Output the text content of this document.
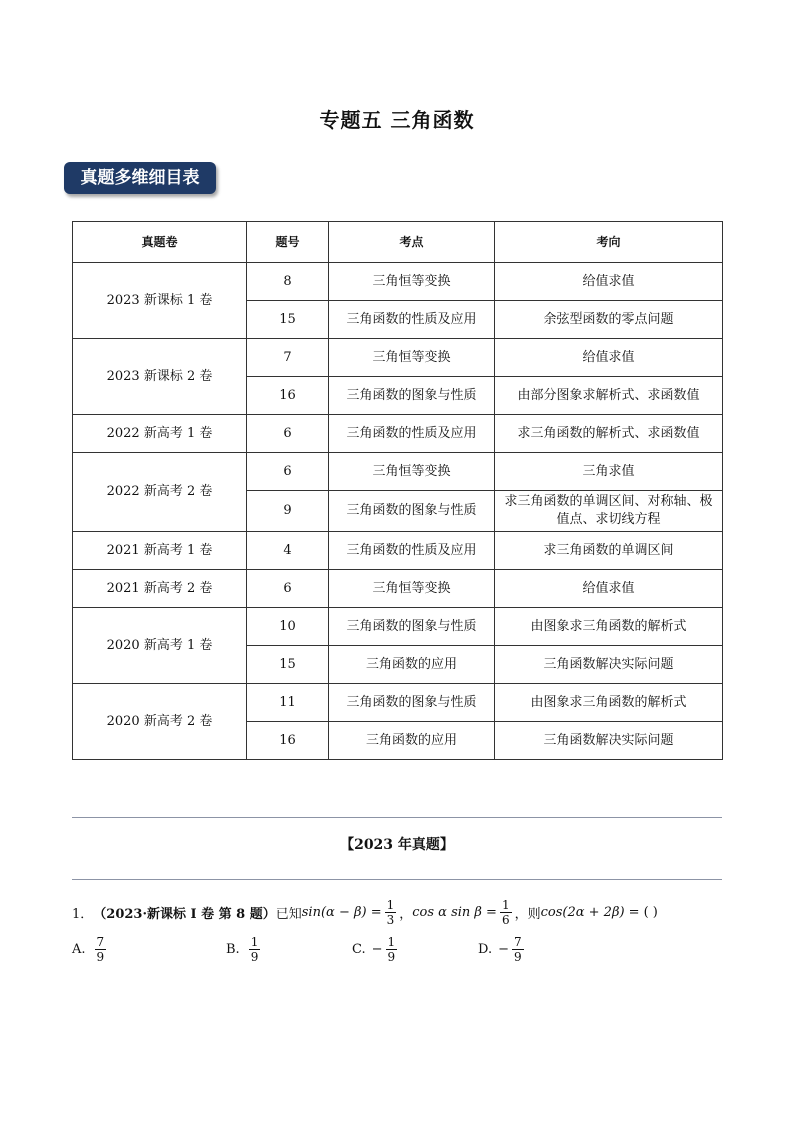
专题五 三角函数
真题多维细目表
真题卷	题号	考点	考向
2023 新课标 1 卷	8	三角恒等变换	给值求值
	15	三角函数的性质及应用	余弦型函数的零点问题
2023 新课标 2 卷	7	三角恒等变换	给值求值
	16	三角函数的图象与性质	由部分图象求解析式、求函数值
2022 新高考 1 卷	6	三角函数的性质及应用	求三角函数的解析式、求函数值
2022 新高考 2 卷	6	三角恒等变换	三角求值
	9	三角函数的图象与性质	求三角函数的单调区间、对称轴、极值点、求切线方程
2021 新高考 1 卷	4	三角函数的性质及应用	求三角函数的单调区间
2021 新高考 2 卷	6	三角恒等变换	给值求值
2020 新高考 1 卷	10	三角函数的图象与性质	由图象求三角函数的解析式
	15	三角函数的应用	三角函数解决实际问题
2020 新高考 2 卷	11	三角函数的图象与性质	由图象求三角函数的解析式
	16	三角函数的应用	三角函数解决实际问题
【2023 年真题】
1． （2023·新课标 I 卷 第 8 题） 已知 $\sin(\alpha - \beta) = \frac{1}{3}$ ， cos α $\sin \beta = \frac{1}{6}$ ，则 cos(2α + 2β) = ( )
A. $\frac{7}{9}$	B. $\frac{1}{9}$	C. − $\frac{1}{9}$	D. − $\frac{7}{9}$
